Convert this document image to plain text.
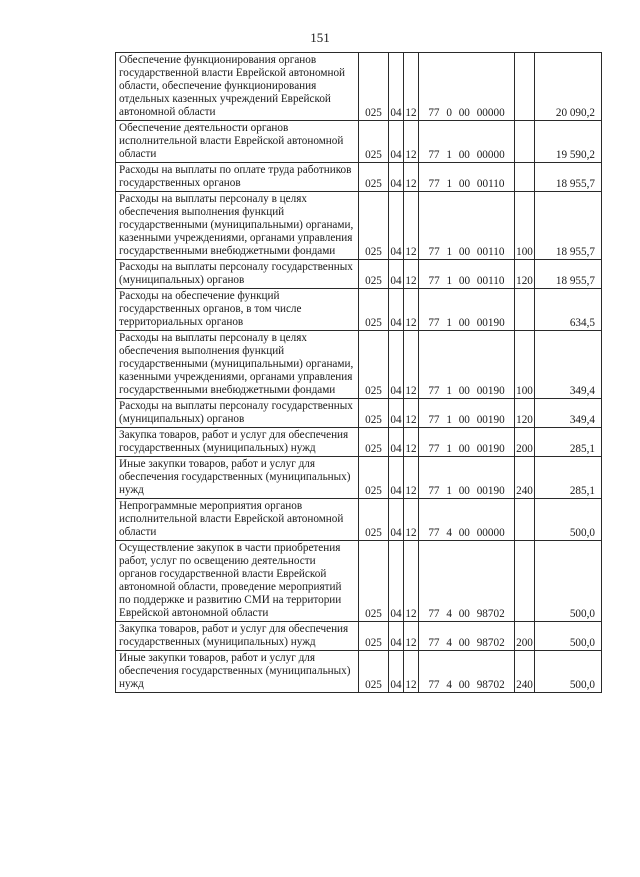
151
Обеспечение функционирования органов государственной власти Еврейской автономной области, обеспечение функционирования отдельных казенных учреждений Еврейской автономной области	025	04	12	77 0 00 00000		20 090,2
Обеспечение деятельности органов исполнительной власти Еврейской автономной области	025	04	12	77 1 00 00000		19 590,2
Расходы на выплаты по оплате труда работников государственных органов	025	04	12	77 1 00 00110		18 955,7
Расходы на выплаты персоналу в целях обеспечения выполнения функций государственными (муниципальными) органами, казенными учреждениями, органами управления государственными внебюджетными фондами	025	04	12	77 1 00 00110	100	18 955,7
Расходы на выплаты персоналу государственных (муниципальных) органов	025	04	12	77 1 00 00110	120	18 955,7
Расходы на обеспечение функций государственных органов, в том числе территориальных органов	025	04	12	77 1 00 00190		634,5
Расходы на выплаты персоналу в целях обеспечения выполнения функций государственными (муниципальными) органами, казенными учреждениями, органами управления государственными внебюджетными фондами	025	04	12	77 1 00 00190	100	349,4
Расходы на выплаты персоналу государственных (муниципальных) органов	025	04	12	77 1 00 00190	120	349,4
Закупка товаров, работ и услуг для обеспечения государственных (муниципальных) нужд	025	04	12	77 1 00 00190	200	285,1
Иные закупки товаров, работ и услуг для обеспечения государственных (муниципальных) нужд	025	04	12	77 1 00 00190	240	285,1
Непрограммные мероприятия органов исполнительной власти Еврейской автономной области	025	04	12	77 4 00 00000		500,0
Осуществление закупок в части приобретения работ, услуг по освещению деятельности органов государственной власти Еврейской автономной области, проведение мероприятий по поддержке и развитию СМИ на территории Еврейской автономной области	025	04	12	77 4 00 98702		500,0
Закупка товаров, работ и услуг для обеспечения государственных (муниципальных) нужд	025	04	12	77 4 00 98702	200	500,0
Иные закупки товаров, работ и услуг для обеспечения государственных (муниципальных) нужд	025	04	12	77 4 00 98702	240	500,0
